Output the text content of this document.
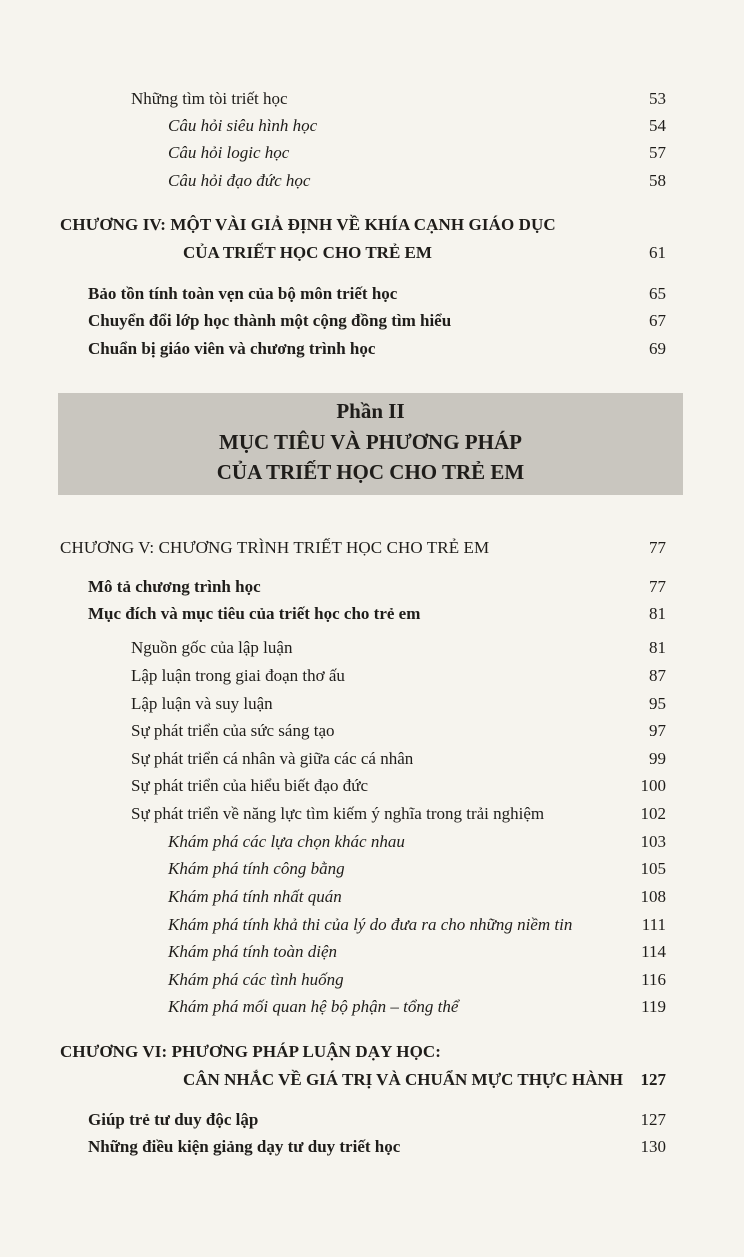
Những tìm tòi triết học	53
Câu hỏi siêu hình học	54
Câu hỏi logic học	57
Câu hỏi đạo đức học	58
CHƯƠNG IV: MỘT VÀI GIẢ ĐỊNH VỀ KHÍA CẠNH GIÁO DỤC
CỦA TRIẾT HỌC CHO TRẺ EM	61
Bảo tồn tính toàn vẹn của bộ môn triết học	65
Chuyển đổi lớp học thành một cộng đồng tìm hiểu	67
Chuẩn bị giáo viên và chương trình học	69
Phần II
MỤC TIÊU VÀ PHƯƠNG PHÁP
CỦA TRIẾT HỌC CHO TRẺ EM
CHƯƠNG V: CHƯƠNG TRÌNH TRIẾT HỌC CHO TRẺ EM	77
Mô tả chương trình học	77
Mục đích và mục tiêu của triết học cho trẻ em	81
Nguồn gốc của lập luận	81
Lập luận trong giai đoạn thơ ấu	87
Lập luận và suy luận	95
Sự phát triển của sức sáng tạo	97
Sự phát triển cá nhân và giữa các cá nhân	99
Sự phát triển của hiểu biết đạo đức	100
Sự phát triển về năng lực tìm kiếm ý nghĩa trong trải nghiệm	102
Khám phá các lựa chọn khác nhau	103
Khám phá tính công bằng	105
Khám phá tính nhất quán	108
Khám phá tính khả thi của lý do đưa ra cho những niềm tin	111
Khám phá tính toàn diện	114
Khám phá các tình huống	116
Khám phá mối quan hệ bộ phận – tổng thể	119
CHƯƠNG VI: PHƯƠNG PHÁP LUẬN DẠY HỌC:
CÂN NHẮC VỀ GIÁ TRỊ VÀ CHUẨN MỰC THỰC HÀNH 127
Giúp trẻ tư duy độc lập	127
Những điều kiện giảng dạy tư duy triết học	130
